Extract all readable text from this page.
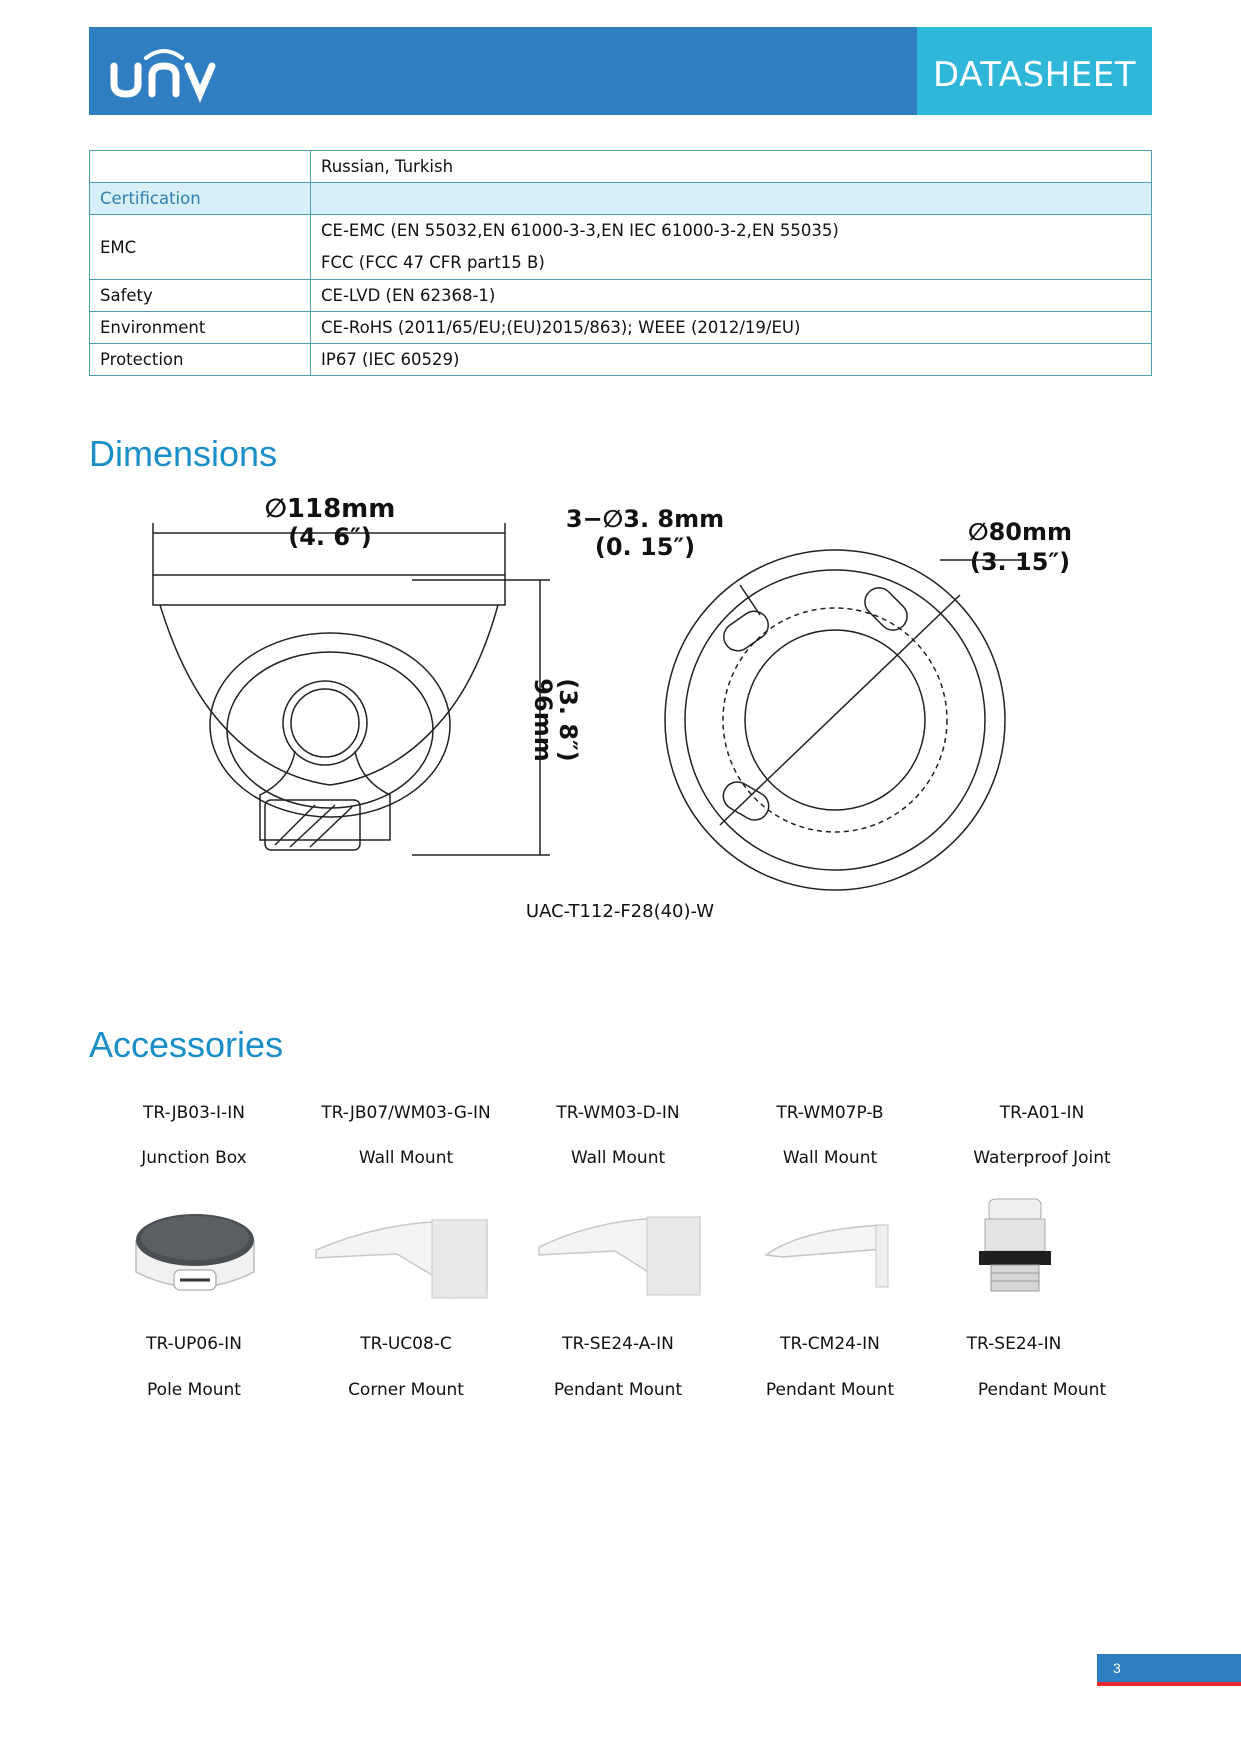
DATASHEET
	Russian, Turkish
Certification	
EMC	CE-EMC (EN 55032,EN 61000-3-3,EN IEC 61000-3-2,EN 55035)
FCC (FCC 47 CFR part15 B)

Safety	CE-LVD (EN 62368-1)
Environment	CE-RoHS (2011/65/EU;(EU)2015/863); WEEE (2012/19/EU)
Protection	IP67 (IEC 60529)
Dimensions
∅118mm
(4. 6″)
3−∅3. 8mm
(0. 15″)
∅80mm
(3. 15″)
96mm
(3. 8″)
UAC-T112-F28(40)-W
Accessories
TR-JB03-I-IN
Junction Box
TR-JB07/WM03-G-IN
Wall Mount
TR-WM03-D-IN
Wall Mount
TR-WM07P-B
Wall Mount
TR-A01-IN
Waterproof Joint
TR-UP06-IN
Pole Mount
TR-UC08-C
Corner Mount
TR-SE24-A-IN
Pendant Mount
TR-CM24-IN
Pendant Mount
TR-SE24-IN
Pendant Mount
3
